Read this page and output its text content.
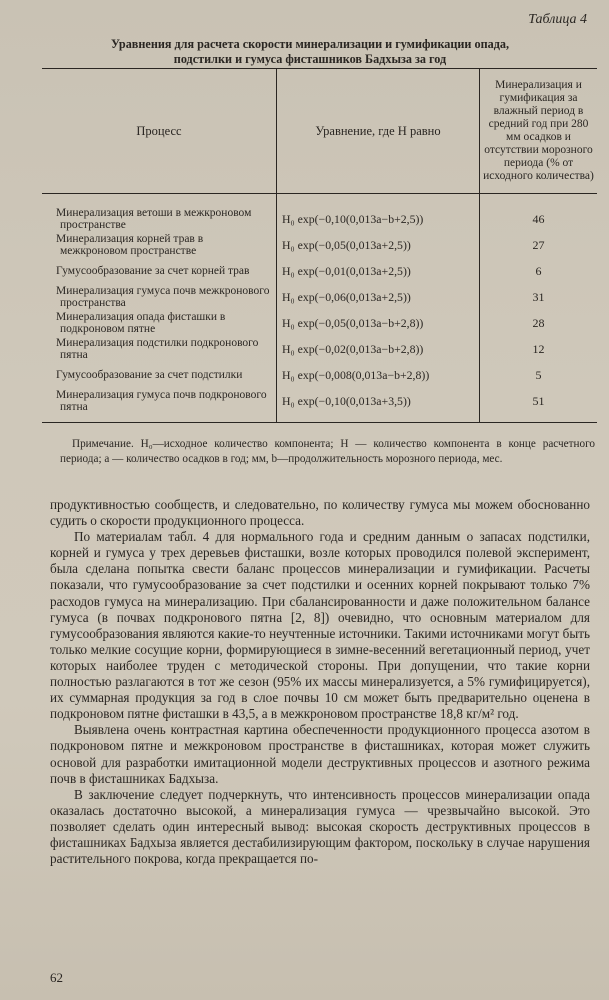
Таблица 4
Уравнения для расчета скорости минерализации и гумификации опада, подстилки и гумуса фисташников Бадхыза за год
Процесс	Уравнение, где H равно	Минерализация и гумификация за влажный период в средний год при 280 мм осадков и отсутствии морозного периода (% от исходного количества)
Минерализация ветоши в межкроновом пространстве	H₀ exp(−0,10(0,013a−b+2,5))	46
Минерализация корней трав в межкроновом пространстве	H₀ exp(−0,05(0,013a+2,5))	27
Гумусообразование за счет корней трав	H₀ exp(−0,01(0,013a+2,5))	6
Минерализация гумуса почв межкронового пространства	H₀ exp(−0,06(0,013a+2,5))	31
Минерализация опада фисташки в подкроновом пятне	H₀ exp(−0,05(0,013a−b+2,8))	28
Минерализация подстилки подкронового пятна	H₀ exp(−0,02(0,013a−b+2,8))	12
Гумусообразование за счет подстилки	H₀ exp(−0,008(0,013a−b+2,8))	5
Минерализация гумуса почв подкронового пятна	H₀ exp(−0,10(0,013a+3,5))	51
Примечание. H₀—исходное количество компонента; H — количество компонента в конце расчетного периода; a — количество осадков в год; мм, b—продолжительность морозного периода, мес.

продуктивностью сообществ, и следовательно, по количеству гумуса мы можем обоснованно судить о скорости продукционного процесса.

По материалам табл. 4 для нормального года и средним данным о запасах подстилки, корней и гумуса у трех деревьев фисташки, возле которых проводился полевой эксперимент, была сделана попытка свести баланс процессов минерализации и гумификации. Расчеты показали, что гумусообразование за счет подстилки и осенних корней покрывают только 7% расходов гумуса на минерализацию. При сбалансированности и даже положительном балансе гумуса (в почвах подкронового пятна [2, 8]) очевидно, что основным материалом для гумусообразования являются какие-то неучтенные источники. Такими источниками могут быть только мелкие сосущие корни, формирующиеся в зимне-весенний вегетационный период, учет которых наиболее труден с методической стороны. При допущении, что такие корни полностью разлагаются в тот же сезон (95% их массы минерализуется, а 5% гумифицируется), их суммарная продукция за год в слое почвы 10 см может быть предварительно оценена в подкроновом пятне фисташки в 43,5, а в межкроновом пространстве 18,8 кг/м² год.

Выявлена очень контрастная картина обеспеченности продукционного процесса азотом в подкроновом пятне и межкроновом пространстве в фисташниках, которая может служить основой для разработки имитационной модели деструктивных процессов и азотного режима почв в фисташниках Бадхыза.

В заключение следует подчеркнуть, что интенсивность процессов минерализации опада оказалась достаточно высокой, а минерализация гумуса — чрезвычайно высокой. Это позволяет сделать один интересный вывод: высокая скорость деструктивных процессов в фисташниках Бадхыза является дестабилизирующим фактором, поскольку в случае нарушения растительного покрова, когда прекращается по-

62
